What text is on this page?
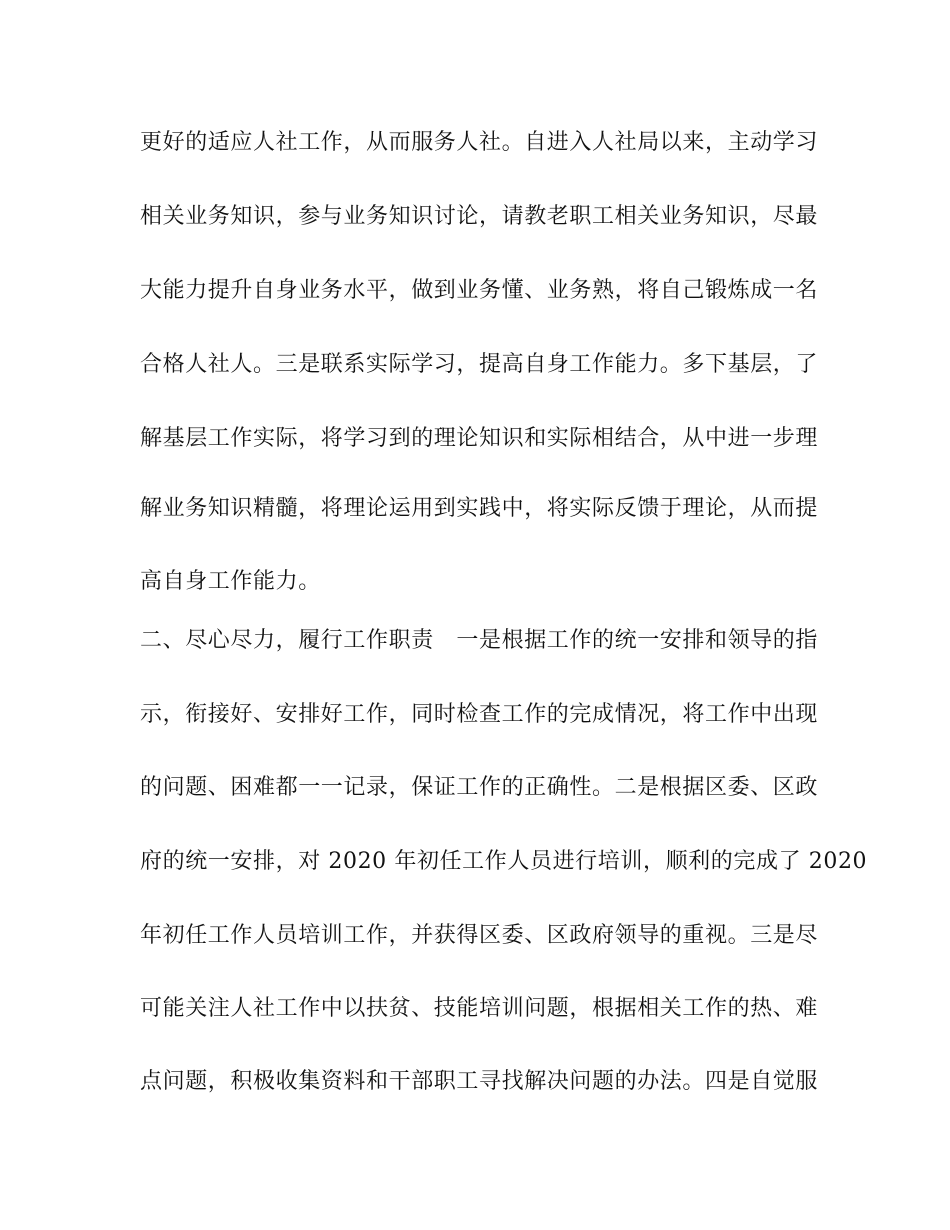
更好的适应人社工作，从而服务人社。自进入人社局以来，主动学习
相关业务知识，参与业务知识讨论，请教老职工相关业务知识，尽最
大能力提升自身业务水平，做到业务懂、业务熟，将自己锻炼成一名
合格人社人。三是联系实际学习，提高自身工作能力。多下基层，了
解基层工作实际，将学习到的理论知识和实际相结合，从中进一步理
解业务知识精髓，将理论运用到实践中，将实际反馈于理论，从而提
高自身工作能力。
二、尽心尽力，履行工作职责　一是根据工作的统一安排和领导的指
示，衔接好、安排好工作，同时检查工作的完成情况，将工作中出现
的问题、困难都一一记录，保证工作的正确性。二是根据区委、区政
府的统一安排，对 2020 年初任工作人员进行培训，顺利的完成了 2020
年初任工作人员培训工作，并获得区委、区政府领导的重视。三是尽
可能关注人社工作中以扶贫、技能培训问题，根据相关工作的热、难
点问题，积极收集资料和干部职工寻找解决问题的办法。四是自觉服
